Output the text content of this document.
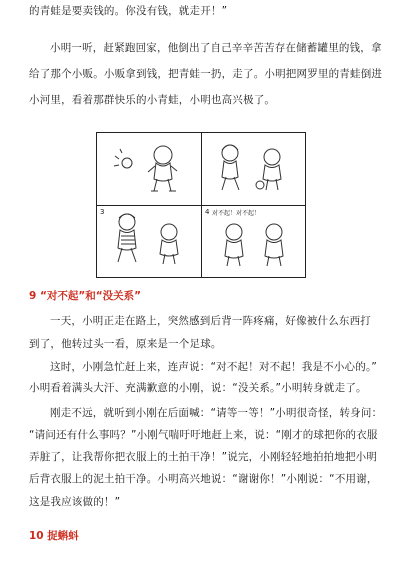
的青蛙是要卖钱的。你没有钱，就走开！”
小明一听，赶紧跑回家，他倒出了自己辛辛苦苦存在储蓄罐里的钱，拿
给了那个小贩。小贩拿到钱，把青蛙一扔，走了。小明把网罗里的青蛙倒进
小河里，看着那群快乐的小青蛙，小明也高兴极了。
3	4 对不起！对不起！
9 “对不起”和“没关系”
一天，小明正走在路上，突然感到后背一阵疼痛，好像被什么东西打
到了，他转过头一看，原来是一个足球。
这时，小刚急忙赶上来，连声说：“对不起！对不起！我是不小心的。”
小明看着满头大汗、充满歉意的小刚，说：“没关系。”小明转身就走了。
刚走不远，就听到小刚在后面喊：“请等一等！”小明很奇怪，转身问：
“请问还有什么事吗？”小刚气喘吁吁地赶上来，说：“刚才的球把你的衣服
弄脏了，让我帮你把衣服上的土拍干净！”说完，小刚轻轻地拍拍地把小明
后背衣服上的泥土拍干净。小明高兴地说：“谢谢你！”小刚说：“不用谢，
这是我应该做的！”
10 捉蝌蚪
